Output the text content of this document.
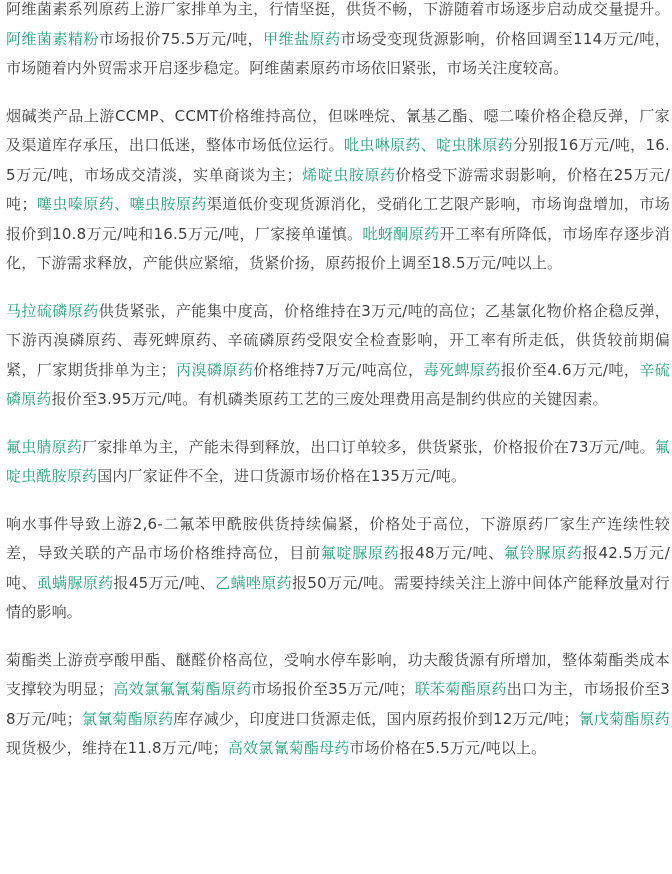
阿维菌素系列原药上游厂家排单为主，行情坚挺，供货不畅，下游随着市场逐步启动成交量提升。阿维菌素精粉市场报价75.5万元/吨，甲维盐原药市场受变现货源影响，价格回调至114万元/吨，市场随着内外贸需求开启逐步稳定。阿维菌素原药市场依旧紧张，市场关注度较高。

烟碱类产品上游CCMP、CCMT价格维持高位，但咪唑烷、氰基乙酯、噁二嗪价格企稳反弹，厂家及渠道库存承压，出口低迷，整体市场低位运行。吡虫啉原药、啶虫脒原药分别报16万元/吨，16.5万元/吨，市场成交清淡，实单商谈为主；烯啶虫胺原药价格受下游需求弱影响，价格在25万元/吨；噻虫嗪原药、噻虫胺原药渠道低价变现货源消化，受硝化工艺限产影响，市场询盘增加，市场报价到10.8万元/吨和16.5万元/吨，厂家接单谨慎。吡蚜酮原药开工率有所降低，市场库存逐步消化，下游需求释放，产能供应紧缩，货紧价扬，原药报价上调至18.5万元/吨以上。

马拉硫磷原药供货紧张，产能集中度高，价格维持在3万元/吨的高位；乙基氯化物价格企稳反弹，下游丙溴磷原药、毒死蜱原药、辛硫磷原药受限安全检查影响，开工率有所走低，供货较前期偏紧，厂家期货排单为主；丙溴磷原药价格维持7万元/吨高位，毒死蜱原药报价至4.6万元/吨，辛硫磷原药报价至3.95万元/吨。有机磷类原药工艺的三废处理费用高是制约供应的关键因素。

氟虫腈原药厂家排单为主，产能未得到释放，出口订单较多，供货紧张，价格报价在73万元/吨。氟啶虫酰胺原药国内厂家证件不全，进口货源市场价格在135万元/吨。

响水事件导致上游2,6-二氟苯甲酰胺供货持续偏紧，价格处于高位，下游原药厂家生产连续性较差，导致关联的产品市场价格维持高位，目前氟啶脲原药报48万元/吨、氟铃脲原药报42.5万元/吨、虱螨脲原药报45万元/吨、乙螨唑原药报50万元/吨。需要持续关注上游中间体产能释放量对行情的影响。

菊酯类上游贲亭酸甲酯、醚醛价格高位，受响水停车影响，功夫酸货源有所增加，整体菊酯类成本支撑较为明显；高效氯氟氰菊酯原药市场报价至35万元/吨；联苯菊酯原药出口为主，市场报价至38万元/吨；氯氰菊酯原药库存减少，印度进口货源走低，国内原药报价到12万元/吨；氰戊菊酯原药现货极少，维持在11.8万元/吨；高效氯氰菊酯母药市场价格在5.5万元/吨以上。
